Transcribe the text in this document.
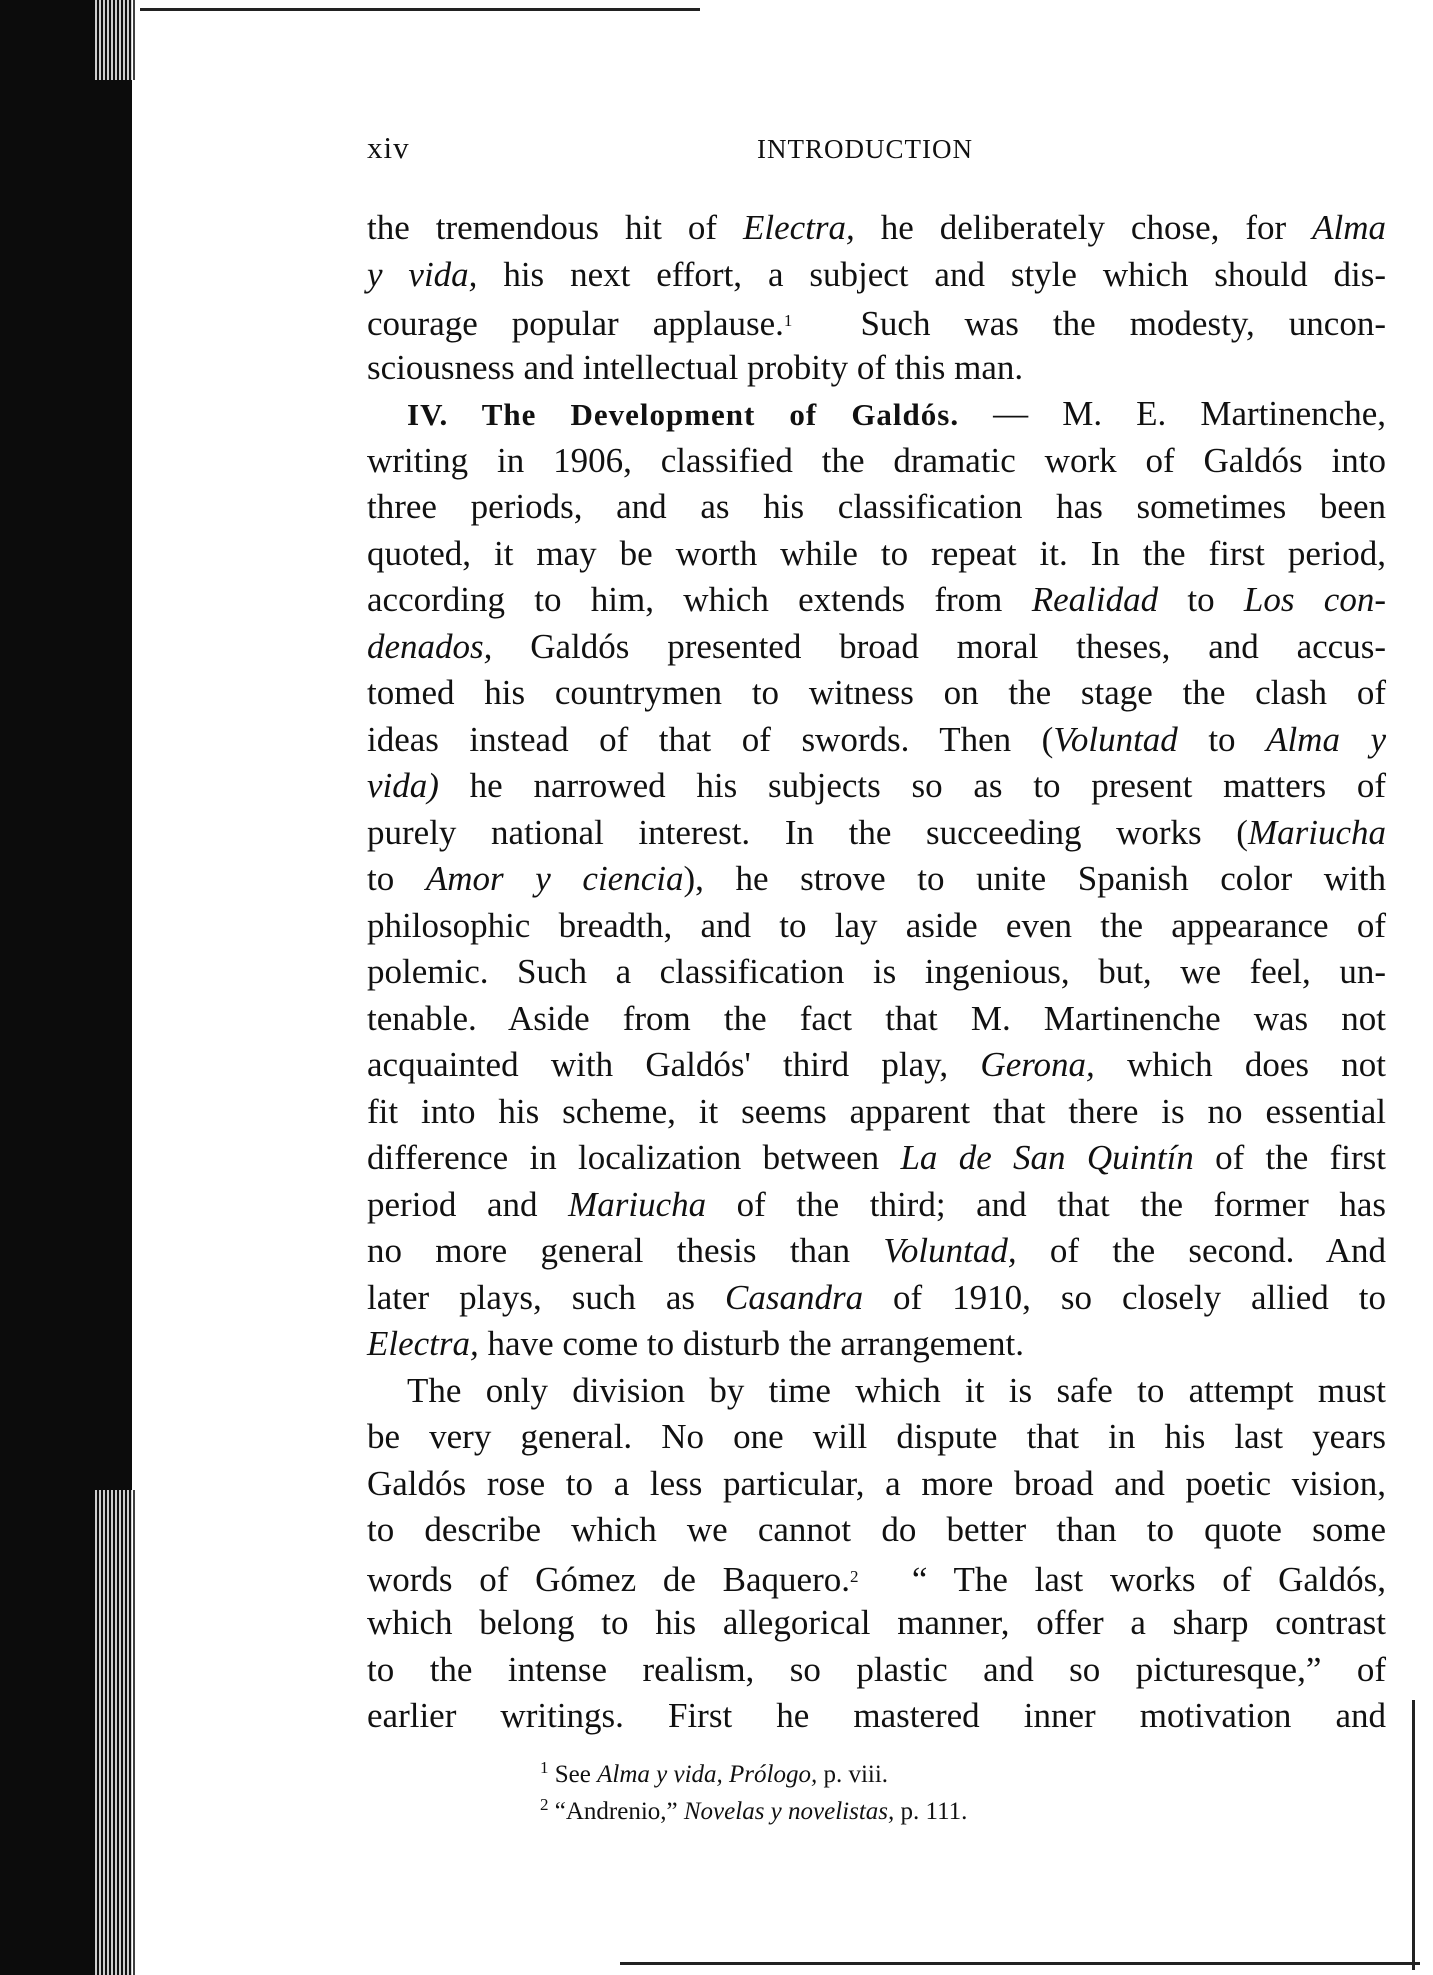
xiv	INTRODUCTION
the tremendous hit of Electra, he deliberately chose, for Alma
y vida, his next effort, a subject and style which should dis-
courage popular applause.$^1$  Such was the modesty, uncon-
sciousness and intellectual probity of this man.
IV. The Development of Galdós. — M. E. Martinenche,
writing in 1906, classified the dramatic work of Galdós into
three periods, and as his classification has sometimes been
quoted, it may be worth while to repeat it. In the first period,
according to him, which extends from Realidad to Los con-
denados, Galdós presented broad moral theses, and accus-
tomed his countrymen to witness on the stage the clash of
ideas instead of that of swords. Then (Voluntad to Alma y
vida) he narrowed his subjects so as to present matters of
purely national interest. In the succeeding works (Mariucha
to Amor y ciencia), he strove to unite Spanish color with
philosophic breadth, and to lay aside even the appearance of
polemic. Such a classification is ingenious, but, we feel, un-
tenable. Aside from the fact that M. Martinenche was not
acquainted with Galdós' third play, Gerona, which does not
fit into his scheme, it seems apparent that there is no essential
difference in localization between La de San Quintín of the first
period and Mariucha of the third; and that the former has
no more general thesis than Voluntad, of the second. And
later plays, such as Casandra of 1910, so closely allied to
Electra, have come to disturb the arrangement.
The only division by time which it is safe to attempt must
be very general. No one will dispute that in his last years
Galdós rose to a less particular, a more broad and poetic vision,
to describe which we cannot do better than to quote some
words of Gómez de Baquero.$^2$  “ The last works of Galdós,
which belong to his allegorical manner, offer a sharp contrast
to the intense realism, so plastic and so picturesque,” of
earlier writings. First he mastered inner motivation and
$^1$ See Alma y vida, Prólogo, p. viii.
$^2$ “Andrenio,” Novelas y novelistas, p. 111.
